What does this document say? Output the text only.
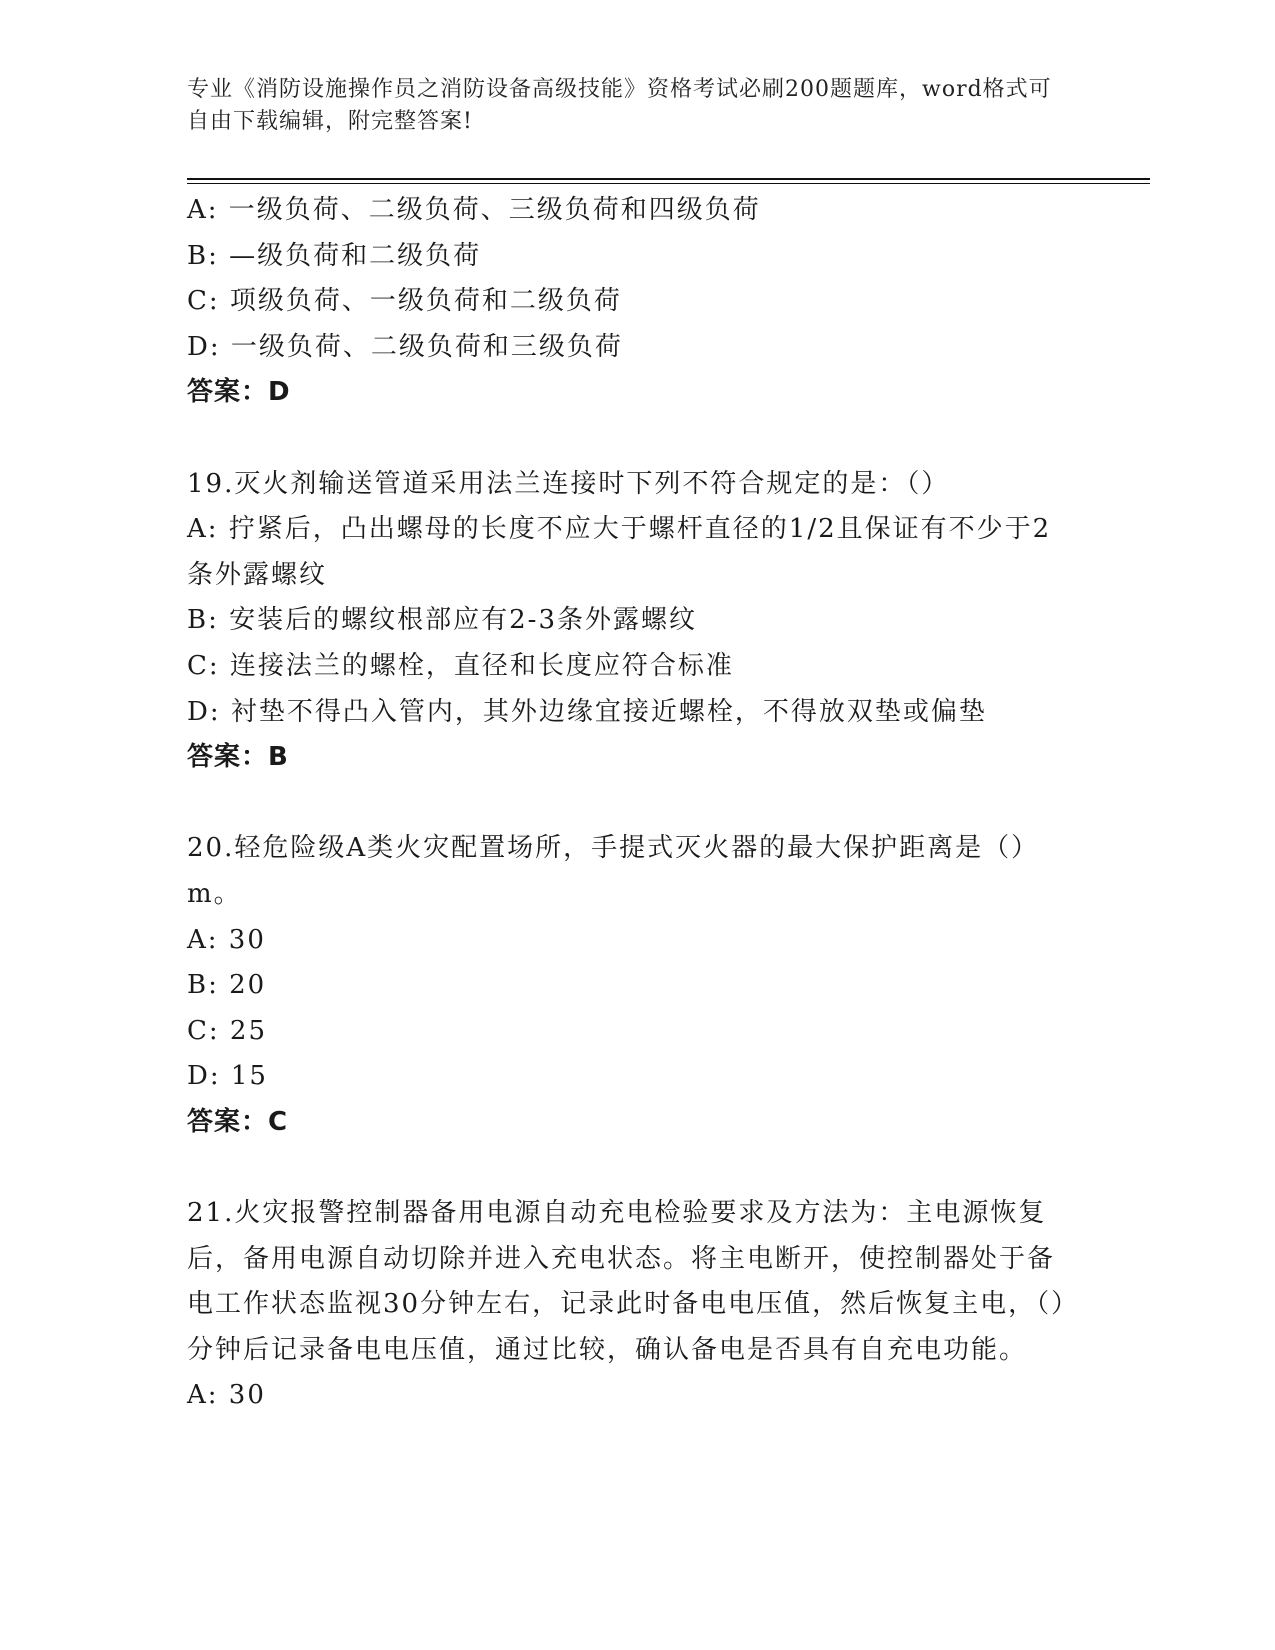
专业《消防设施操作员之消防设备高级技能》资格考试必刷200题题库，word格式可自由下载编辑，附完整答案!
A: 一级负荷、二级负荷、三级负荷和四级负荷
B: —级负荷和二级负荷
C: 项级负荷、一级负荷和二级负荷
D: 一级负荷、二级负荷和三级负荷
答案：D
19.灭火剂输送管道采用法兰连接时下列不符合规定的是：（）
A: 拧紧后，凸出螺母的长度不应大于螺杆直径的1/2且保证有不少于2条外露螺纹
B: 安装后的螺纹根部应有2-3条外露螺纹
C: 连接法兰的螺栓，直径和长度应符合标准
D: 衬垫不得凸入管内，其外边缘宜接近螺栓，不得放双垫或偏垫
答案：B
20.轻危险级A类火灾配置场所，手提式灭火器的最大保护距离是（）m。
A: 30
B: 20
C: 25
D: 15
答案：C
21.火灾报警控制器备用电源自动充电检验要求及方法为：主电源恢复后，备用电源自动切除并进入充电状态。将主电断开，使控制器处于备电工作状态监视30分钟左右，记录此时备电电压值，然后恢复主电，（）分钟后记录备电电压值，通过比较，确认备电是否具有自充电功能。
A: 30
